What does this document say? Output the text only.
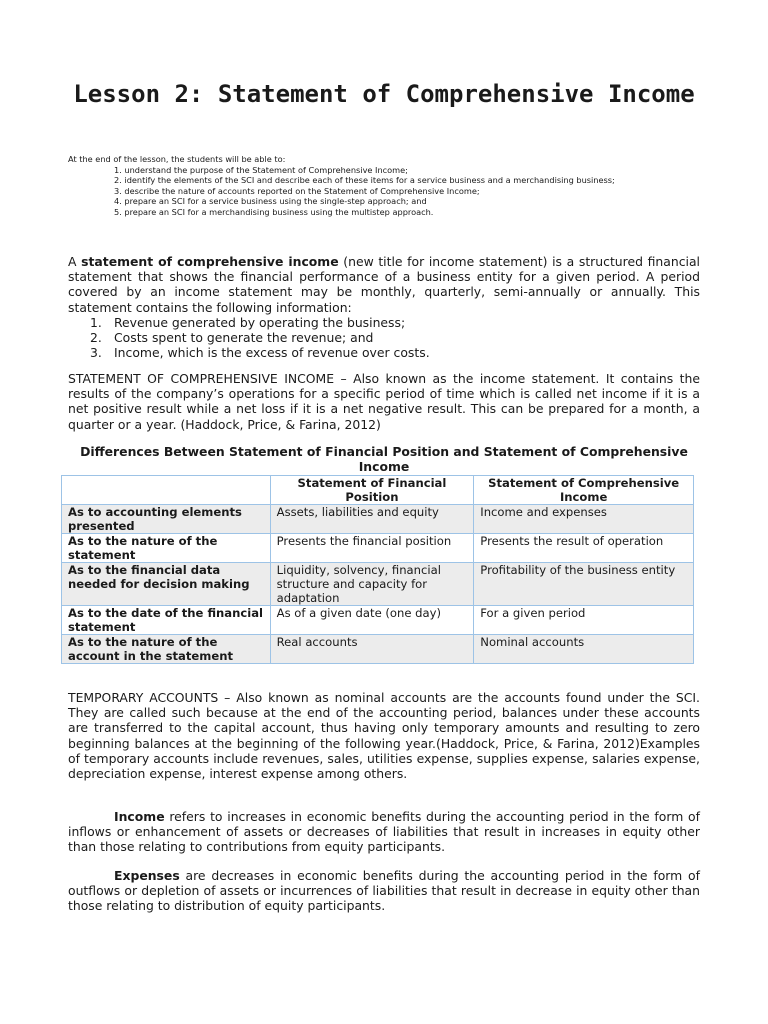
Lesson 2: Statement of Comprehensive Income

At the end of the lesson, the students will be able to:

1. understand the purpose of the Statement of Comprehensive Income;
2. identify the elements of the SCI and describe each of these items for a service business and a merchandising business;
3. describe the nature of accounts reported on the Statement of Comprehensive Income;
4. prepare an SCI for a service business using the single-step approach; and
5. prepare an SCI for a merchandising business using the multistep approach.

A statement of comprehensive income (new title for income statement) is a structured financial statement that shows the financial performance of a business entity for a given period. A period covered by an income statement may be monthly, quarterly, semi-annually or annually. This statement contains the following information:

1. Revenue generated by operating the business;
2. Costs spent to generate the revenue; and
3. Income, which is the excess of revenue over costs.

STATEMENT OF COMPREHENSIVE INCOME – Also known as the income statement. It contains the results of the company’s operations for a specific period of time which is called net income if it is a net positive result while a net loss if it is a net negative result. This can be prepared for a month, a quarter or a year. (Haddock, Price, & Farina, 2012)

Differences Between Statement of Financial Position and Statement of Comprehensive Income
	Statement of Financial Position	Statement of Comprehensive Income
As to accounting elements presented	Assets, liabilities and equity	Income and expenses
As to the nature of the statement	Presents the financial position	Presents the result of operation
As to the financial data needed for decision making	Liquidity, solvency, financial structure and capacity for adaptation	Profitability of the business entity
As to the date of the financial statement	As of a given date (one day)	For a given period
As to the nature of the account in the statement	Real accounts	Nominal accounts

TEMPORARY ACCOUNTS – Also known as nominal accounts are the accounts found under the SCI. They are called such because at the end of the accounting period, balances under these accounts are transferred to the capital account, thus having only temporary amounts and resulting to zero beginning balances at the beginning of the following year.(Haddock, Price, & Farina, 2012)Examples of temporary accounts include revenues, sales, utilities expense, supplies expense, salaries expense, depreciation expense, interest expense among others.

Income refers to increases in economic benefits during the accounting period in the form of inflows or enhancement of assets or decreases of liabilities that result in increases in equity other than those relating to contributions from equity participants.

Expenses are decreases in economic benefits during the accounting period in the form of outflows or depletion of assets or incurrences of liabilities that result in decrease in equity other than those relating to distribution of equity participants.
